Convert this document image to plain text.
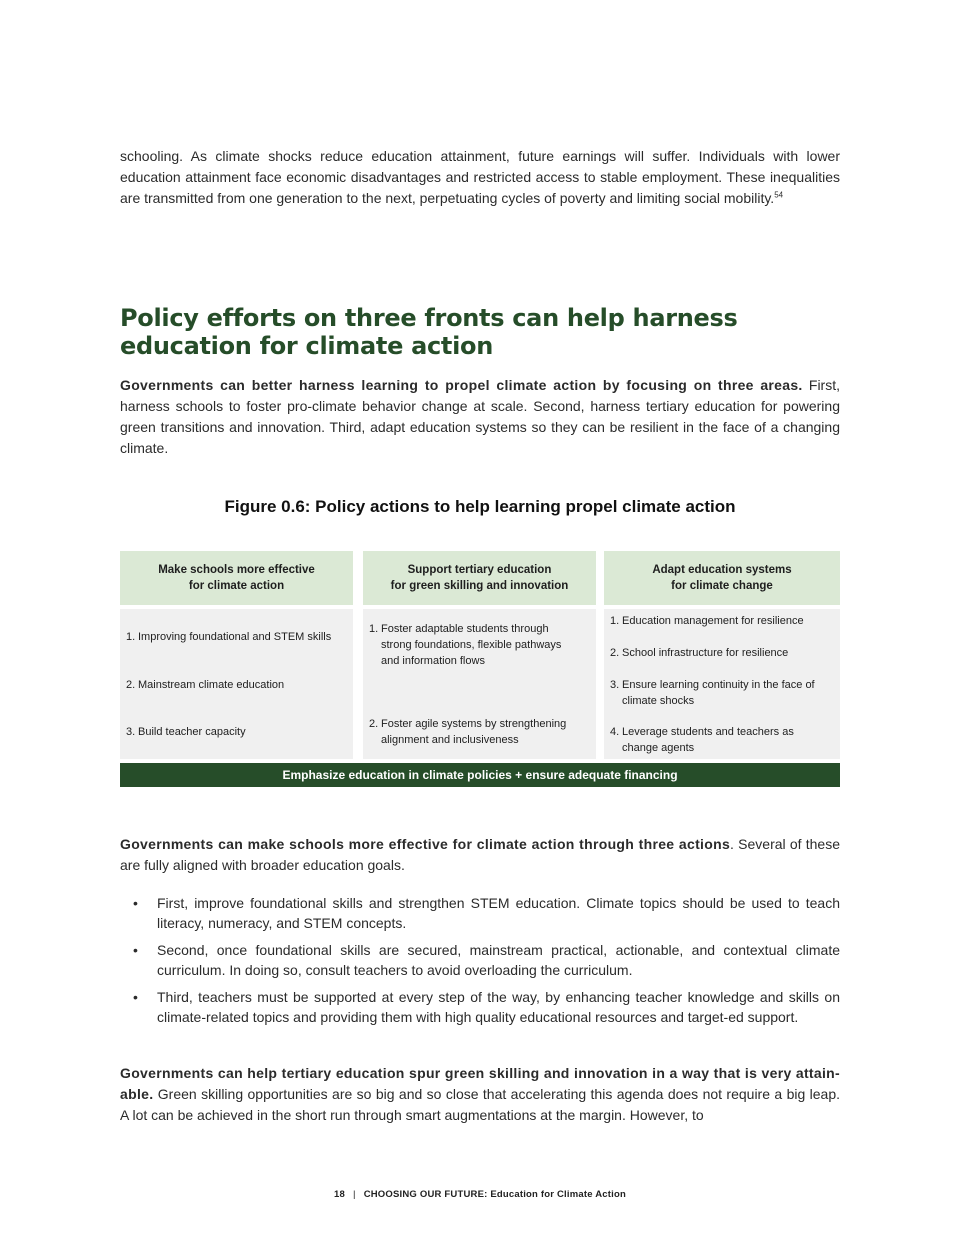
schooling. As climate shocks reduce education attainment, future earnings will suffer. Individuals with lower education attainment face economic disadvantages and restricted access to stable employment. These inequalities are transmitted from one generation to the next, perpetuating cycles of poverty and limiting social mobility.$^{54}$

Policy efforts on three fronts can help harness education for climate action

Governments can better harness learning to propel climate action by focusing on three areas. First, harness schools to foster pro-climate behavior change at scale. Second, harness tertiary education for powering green transitions and innovation. Third, adapt education systems so they can be resilient in the face of a changing climate.

Figure 0.6: Policy actions to help learning propel climate action
Make schools more effective
for climate action
1. Improving foundational and STEM skills
2. Mainstream climate education
3. Build teacher capacity
Support tertiary education
for green skilling and innovation
1. Foster adaptable students through
strong foundations, flexible pathways
and information flows
2. Foster agile systems by strengthening
alignment and inclusiveness
Adapt education systems
for climate change
1. Education management for resilience
2. School infrastructure for resilience
3. Ensure learning continuity in the face of
climate shocks
4. Leverage students and teachers as
change agents
Emphasize education in climate policies + ensure adequate financing

Governments can make schools more effective for climate action through three actions. Several of these are fully aligned with broader education goals.

• First, improve foundational skills and strengthen STEM education. Climate topics should be used to teach literacy, numeracy, and STEM concepts.
• Second, once foundational skills are secured, mainstream practical, actionable, and contextual climate curriculum. In doing so, consult teachers to avoid overloading the curriculum.
• Third, teachers must be supported at every step of the way, by enhancing teacher knowledge and skills on climate-related topics and providing them with high quality educational resources and target-ed support.

Governments can help tertiary education spur green skilling and innovation in a way that is very attain-able. Green skilling opportunities are so big and so close that accelerating this agenda does not require a big leap. A lot can be achieved in the short run through smart augmentations at the margin. However, to

18 | CHOOSING OUR FUTURE: Education for Climate Action
